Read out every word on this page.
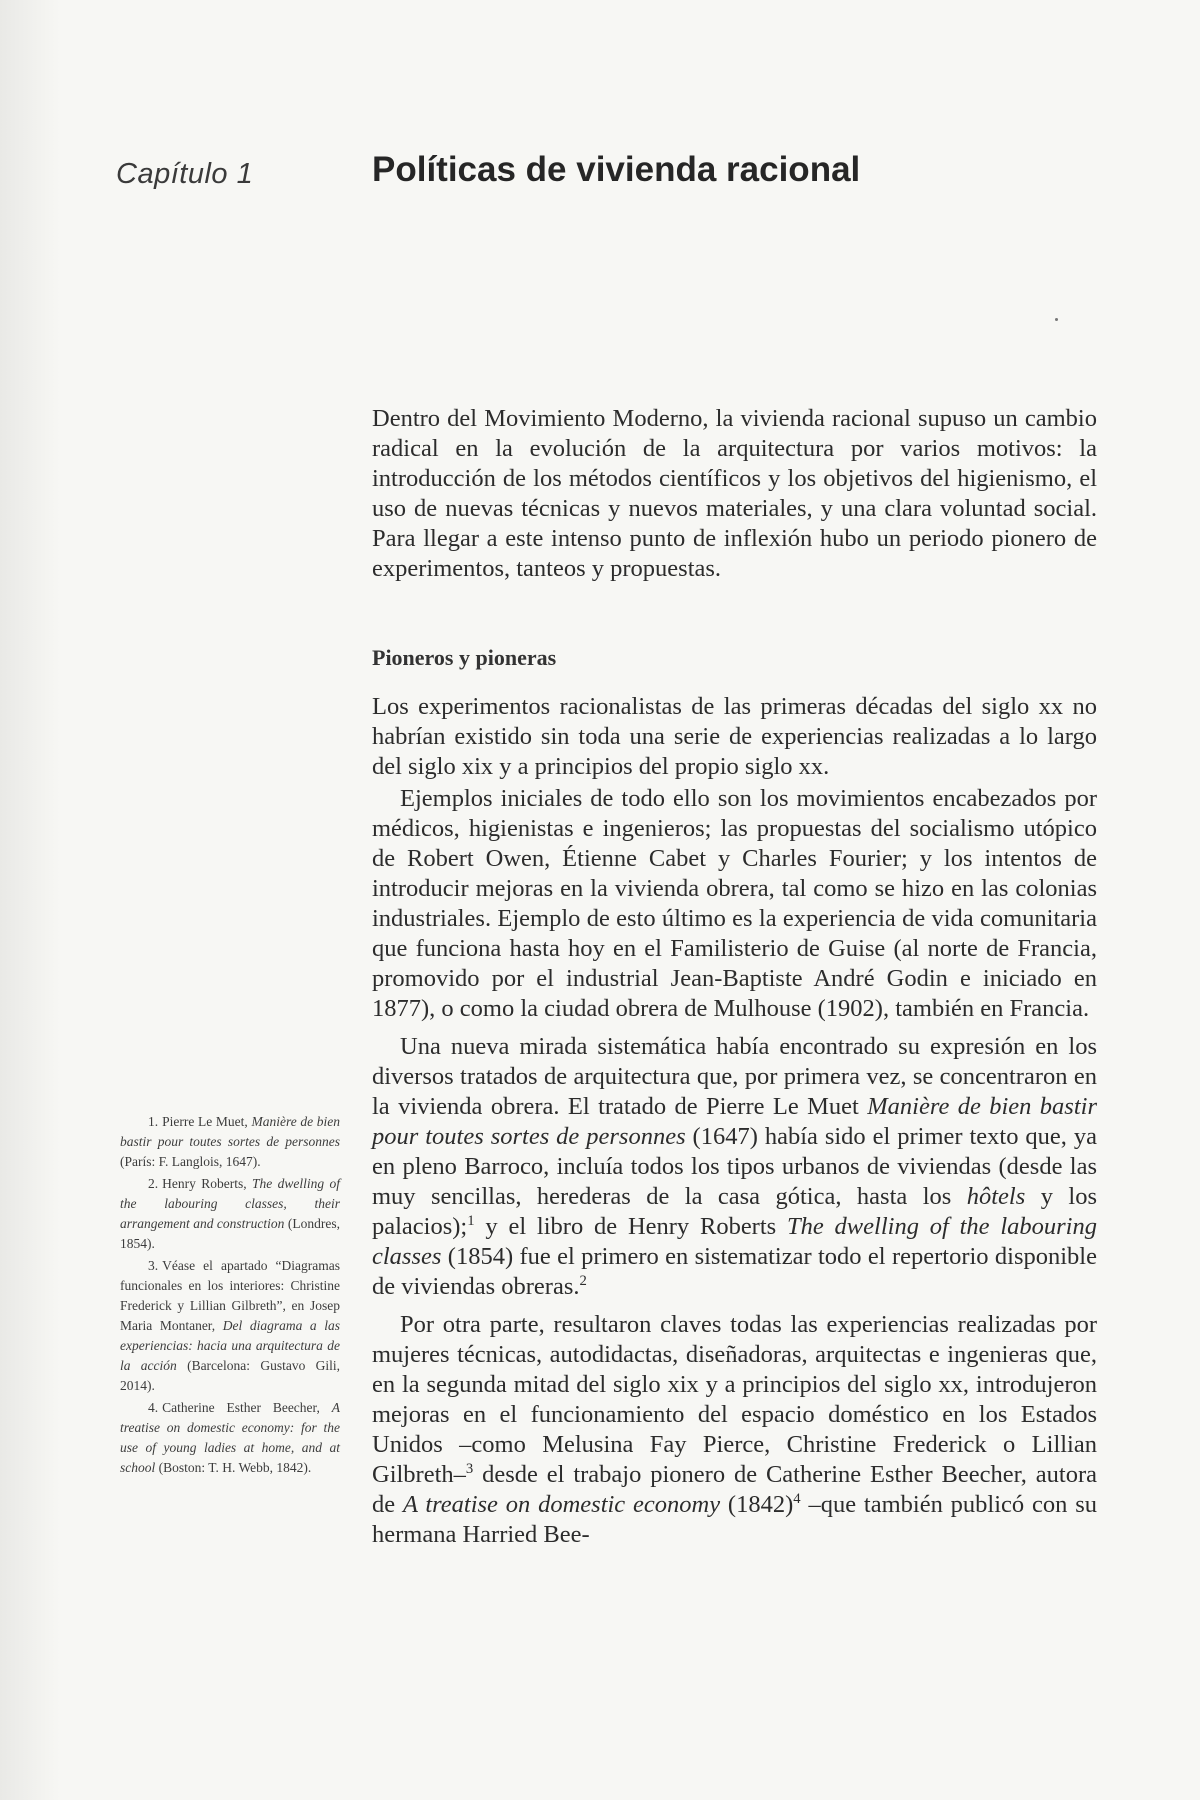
Capítulo 1	Políticas de vivienda racional

Dentro del Movimiento Moderno, la vivienda racional supuso un cambio radical en la evolución de la arquitectura por varios motivos: la introducción de los métodos científicos y los objetivos del higienismo, el uso de nuevas técnicas y nuevos materiales, y una clara voluntad social. Para llegar a este intenso punto de inflexión hubo un periodo pionero de experimentos, tanteos y propuestas.

Pioneros y pioneras

Los experimentos racionalistas de las primeras décadas del siglo xx no habrían existido sin toda una serie de experiencias realizadas a lo largo del siglo xix y a principios del propio siglo xx.

Ejemplos iniciales de todo ello son los movimientos encabezados por médicos, higienistas e ingenieros; las propuestas del socialismo utópico de Robert Owen, Étienne Cabet y Charles Fourier; y los intentos de introducir mejoras en la vivienda obrera, tal como se hizo en las colonias industriales. Ejemplo de esto último es la experiencia de vida comunitaria que funciona hasta hoy en el Familisterio de Guise (al norte de Francia, promovido por el industrial Jean-Baptiste André Godin e iniciado en 1877), o como la ciudad obrera de Mulhouse (1902), también en Francia.

Una nueva mirada sistemática había encontrado su expresión en los diversos tratados de arquitectura que, por primera vez, se concentraron en la vivienda obrera. El tratado de Pierre Le Muet Manière de bien bastir pour toutes sortes de personnes (1647) había sido el primer texto que, ya en pleno Barroco, incluía todos los tipos urbanos de viviendas (desde las muy sencillas, herederas de la casa gótica, hasta los hôtels y los palacios);$^1$ y el libro de Henry Roberts The dwelling of the labouring classes (1854) fue el primero en sistematizar todo el repertorio disponible de viviendas obreras.$^2$

Por otra parte, resultaron claves todas las experiencias realizadas por mujeres técnicas, autodidactas, diseñadoras, arquitectas e ingenieras que, en la segunda mitad del siglo xix y a principios del siglo xx, introdujeron mejoras en el funcionamiento del espacio doméstico en los Estados Unidos –como Melusina Fay Pierce, Christine Frederick o Lillian Gilbreth–$^3$ desde el trabajo pionero de Catherine Esther Beecher, autora de A treatise on domestic economy $(1842)^4$ –que también publicó con su hermana Harried Bee-

1. Pierre Le Muet, Manière de bien bastir pour toutes sortes de personnes (París: F. Langlois, 1647).

2. Henry Roberts, The dwelling of the labouring classes, their arrangement and construction (Londres, 1854).

3. Véase el apartado “Diagramas funcionales en los interiores: Christine Frederick y Lillian Gilbreth”, en Josep Maria Montaner, Del diagrama a las experiencias: hacia una arquitectura de la acción (Barcelona: Gustavo Gili, 2014).

4. Catherine Esther Beecher, A treatise on domestic economy: for the use of young ladies at home, and at school (Boston: T. H. Webb, 1842).
